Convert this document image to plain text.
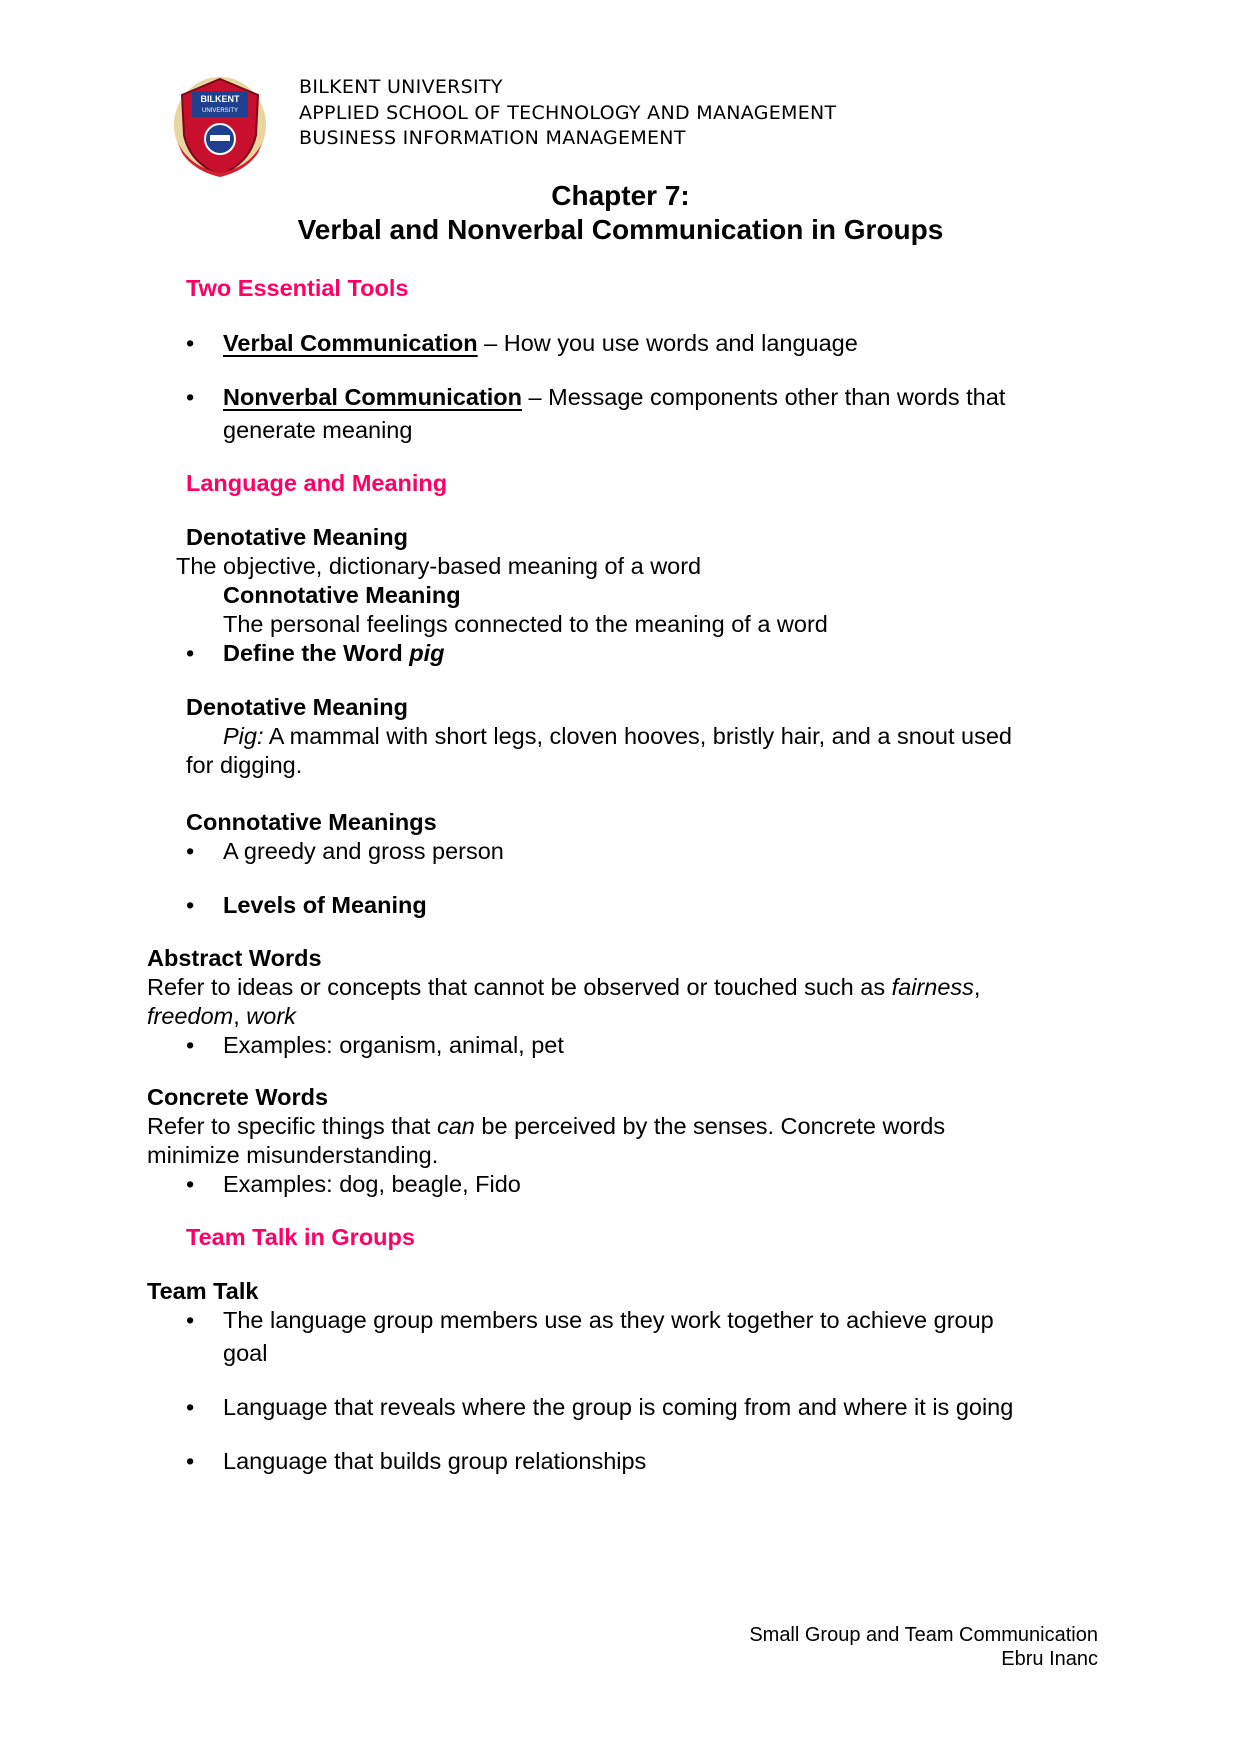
BILKENT
UNIVERSITY
BILKENT UNIVERSITY
APPLIED SCHOOL OF TECHNOLOGY AND MANAGEMENT
BUSINESS INFORMATION MANAGEMENT
Chapter 7:
Verbal and Nonverbal Communication in Groups
Two Essential Tools
• Verbal Communication – How you use words and language
• Nonverbal Communication – Message components other than words that
generate meaning
Language and Meaning
Denotative Meaning
The objective, dictionary-based meaning of a word
Connotative Meaning
The personal feelings connected to the meaning of a word
• Define the Word pig
Denotative Meaning
Pig: A mammal with short legs, cloven hooves, bristly hair, and a snout used
for digging.
Connotative Meanings
• A greedy and gross person
• Levels of Meaning
Abstract Words
Refer to ideas or concepts that cannot be observed or touched such as fairness,
freedom, work
• Examples: organism, animal, pet
Concrete Words
Refer to specific things that can be perceived by the senses. Concrete words
minimize misunderstanding.
• Examples: dog, beagle, Fido
Team Talk in Groups
Team Talk
• The language group members use as they work together to achieve group
goal
• Language that reveals where the group is coming from and where it is going
• Language that builds group relationships
Small Group and Team Communication
Ebru Inanc
